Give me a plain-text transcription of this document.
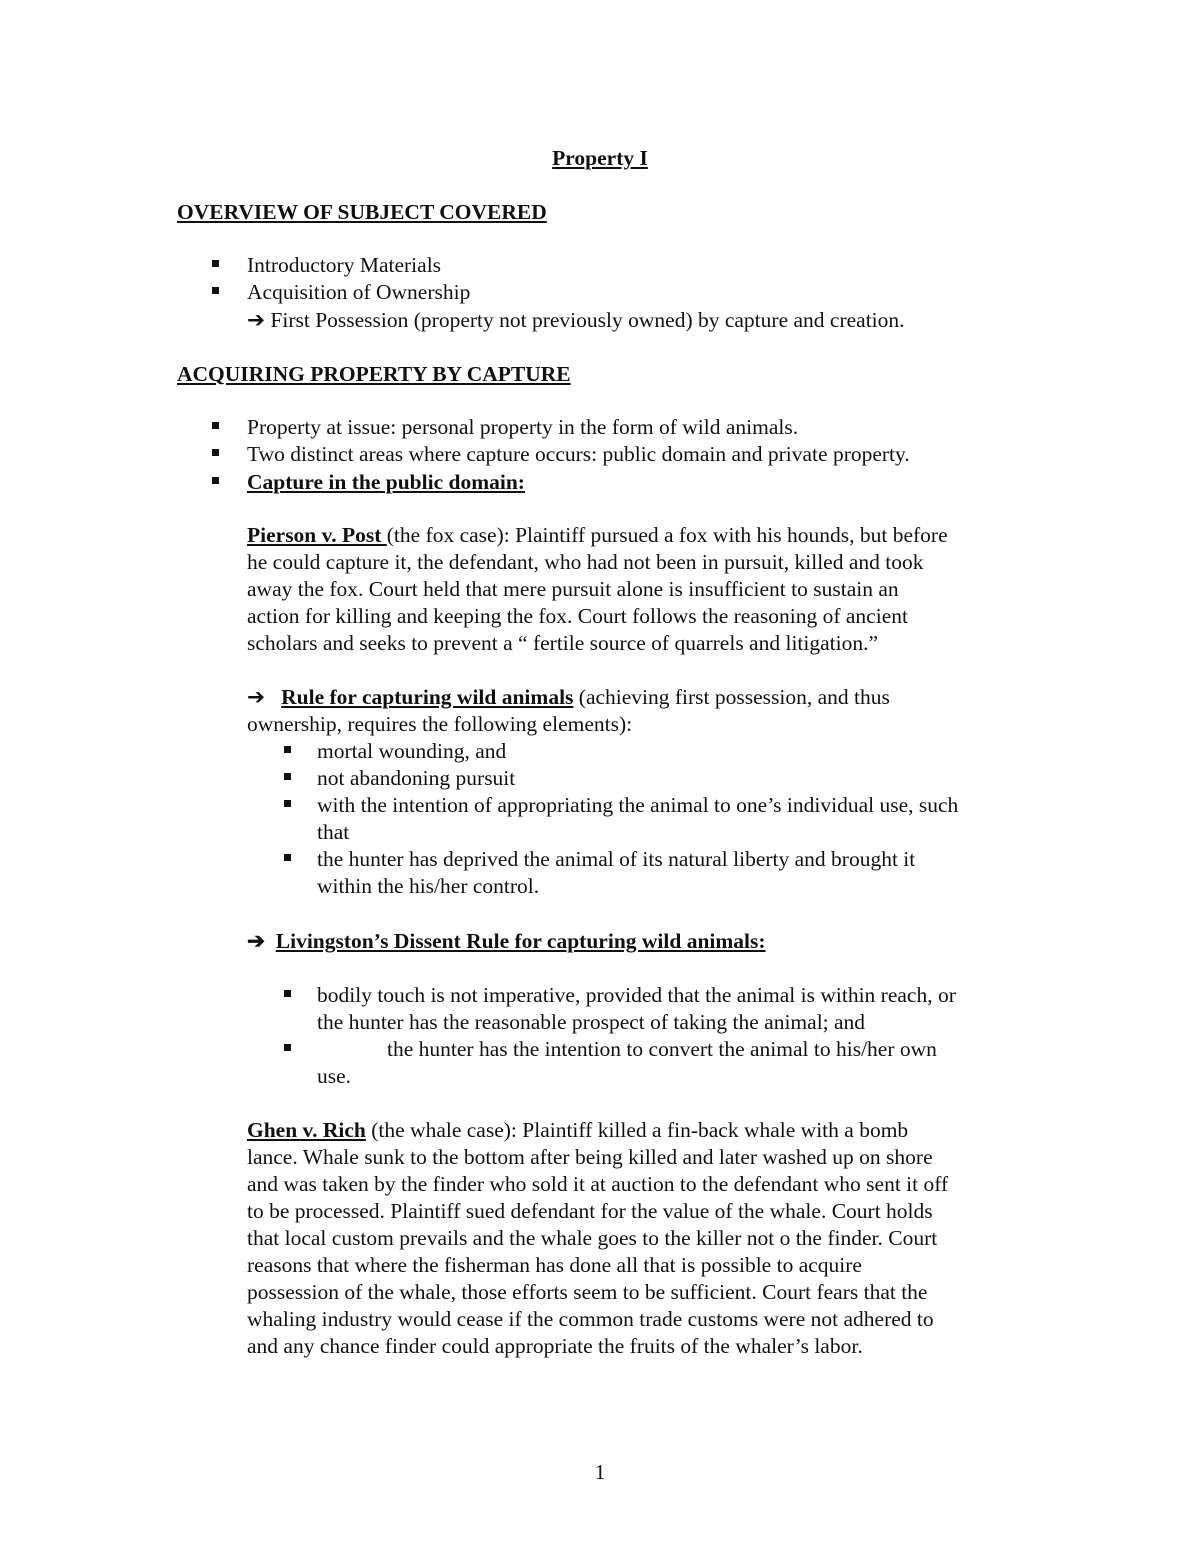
Property I
OVERVIEW OF SUBJECT COVERED
Introductory Materials
Acquisition of Ownership
➔ First Possession (property not previously owned) by capture and creation.
ACQUIRING PROPERTY BY CAPTURE
Property at issue: personal property in the form of wild animals.
Two distinct areas where capture occurs: public domain and private property.
Capture in the public domain:

Pierson v. Post (the fox case): Plaintiff pursued a fox with his hounds, but before

he could capture it, the defendant, who had not been in pursuit, killed and took

away the fox. Court held that mere pursuit alone is insufficient to sustain an

action for killing and keeping the fox. Court follows the reasoning of ancient

scholars and seeks to prevent a “ fertile source of quarrels and litigation.”

➔ Rule for capturing wild animals (achieving first possession, and thus

ownership, requires the following elements):

mortal wounding, and
not abandoning pursuit
with the intention of appropriating the animal to one’s individual use, such
that
the hunter has deprived the animal of its natural liberty and brought it
within the his/her control.
➔ Livingston’s Dissent Rule for capturing wild animals:
bodily touch is not imperative, provided that the animal is within reach, or
the hunter has the reasonable prospect of taking the animal; and
the hunter has the intention to convert the animal to his/her own
use.

Ghen v. Rich (the whale case): Plaintiff killed a fin-back whale with a bomb

lance. Whale sunk to the bottom after being killed and later washed up on shore

and was taken by the finder who sold it at auction to the defendant who sent it off

to be processed. Plaintiff sued defendant for the value of the whale. Court holds

that local custom prevails and the whale goes to the killer not o the finder. Court

reasons that where the fisherman has done all that is possible to acquire

possession of the whale, those efforts seem to be sufficient. Court fears that the

whaling industry would cease if the common trade customs were not adhered to

and any chance finder could appropriate the fruits of the whaler’s labor.

1
